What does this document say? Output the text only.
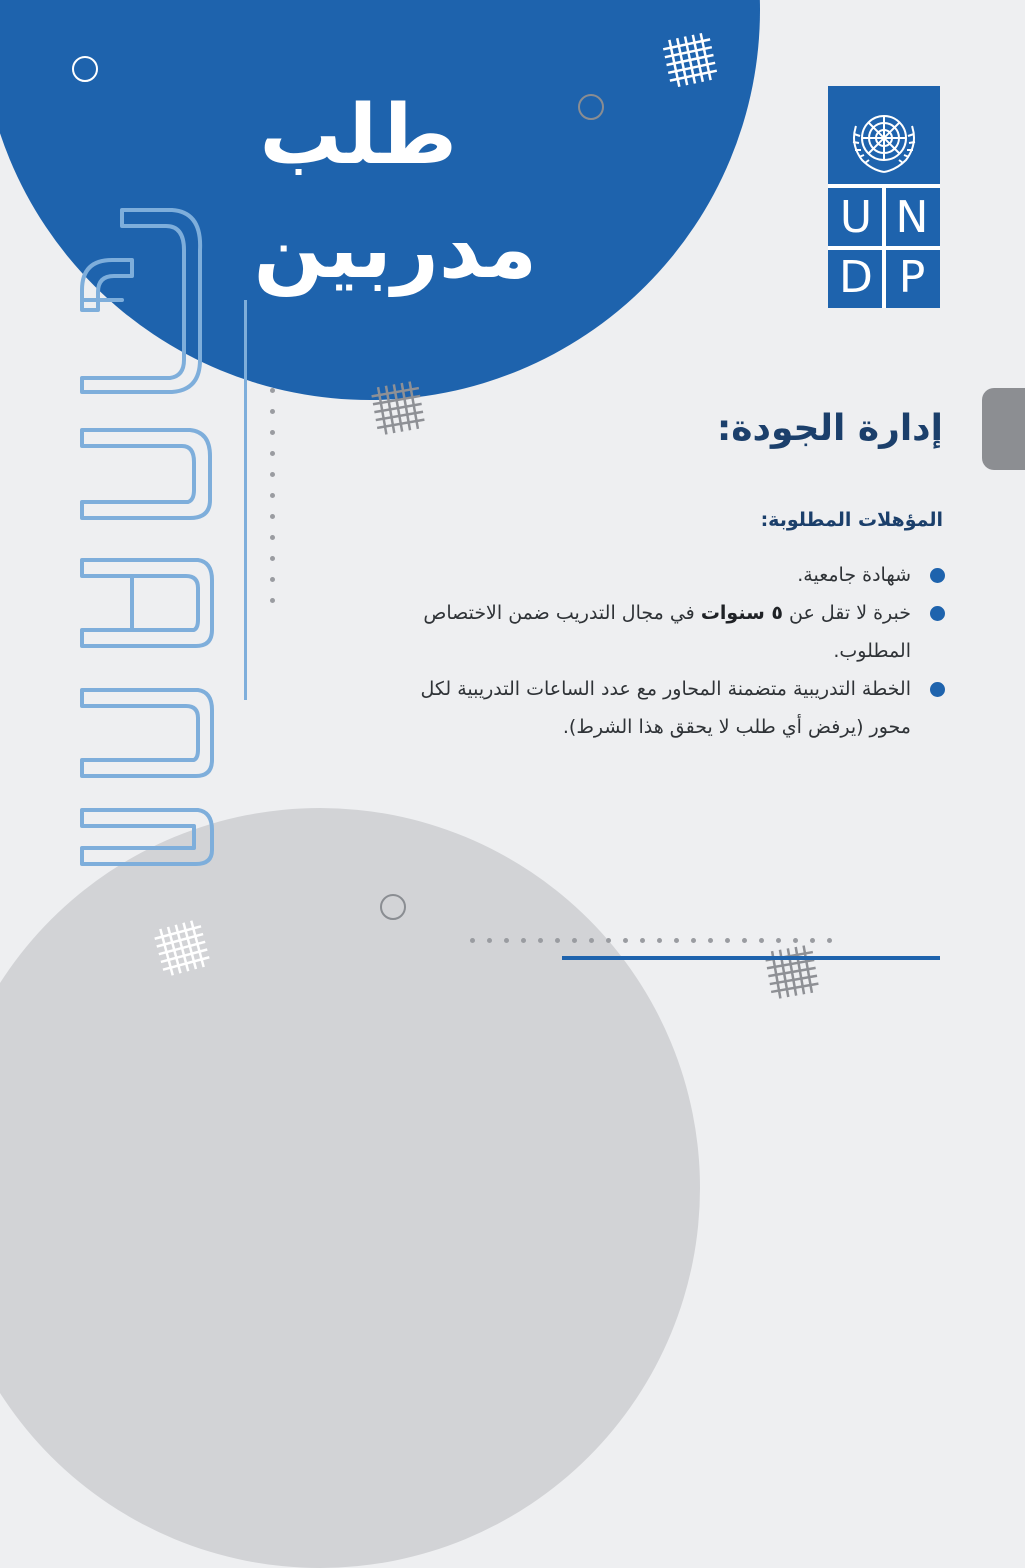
طلب
مدربين	U N
D P
إدارة الجودة:
المؤهلات المطلوبة:
شهادة جامعية.
خبرة لا تقل عن ٥ سنوات في مجال التدريب ضمن الاختصاص المطلوب.
الخطة التدريبية متضمنة المحاور مع عدد الساعات التدريبية لكل محور (يرفض أي طلب لا يحقق هذا الشرط).
